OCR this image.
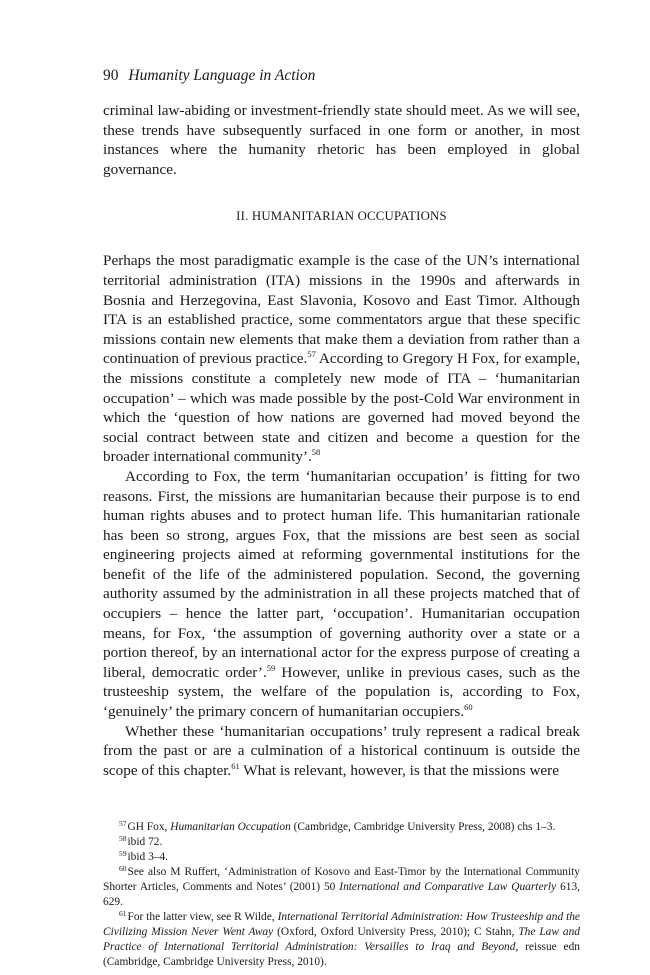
90 Humanity Language in Action

criminal law-abiding or investment-friendly state should meet. As we will see, these trends have subsequently surfaced in one form or another, in most instances where the humanity rhetoric has been employed in global governance.

II. HUMANITARIAN OCCUPATIONS

Perhaps the most paradigmatic example is the case of the UN’s international territorial administration (ITA) missions in the 1990s and afterwards in Bosnia and Herzegovina, East Slavonia, Kosovo and East Timor. Although ITA is an established practice, some commentators argue that these specific missions contain new elements that make them a deviation from rather than a continuation of previous practice.$^{57}$ According to Gregory H Fox, for example, the missions constitute a completely new mode of ITA – ‘humanitarian occupation’ – which was made possible by the post-Cold War environment in which the ‘question of how nations are governed had moved beyond the social contract between state and citizen and become a question for the broader international community’.$^{58}$

According to Fox, the term ‘humanitarian occupation’ is fitting for two reasons. First, the missions are humanitarian because their purpose is to end human rights abuses and to protect human life. This humanitarian rationale has been so strong, argues Fox, that the missions are best seen as social engineering projects aimed at reforming governmental institutions for the benefit of the life of the administered population. Second, the governing authority assumed by the administration in all these projects matched that of occupiers – hence the latter part, ‘occupation’. Humanitarian occupation means, for Fox, ‘the assumption of governing authority over a state or a portion thereof, by an international actor for the express purpose of creating a liberal, democratic order’.$^{59}$ However, unlike in previous cases, such as the trusteeship system, the welfare of the population is, according to Fox, ‘genuinely’ the primary concern of humanitarian occupiers.$^{60}$

Whether these ‘humanitarian occupations’ truly represent a radical break from the past or are a culmination of a historical continuum is outside the scope of this chapter.$^{61}$ What is relevant, however, is that the missions were

$^{57}$GH Fox, Humanitarian Occupation (Cambridge, Cambridge University Press, 2008) chs 1–3.

$^{58}$ibid 72.

$^{59}$ibid 3–4.

$^{60}$See also M Ruffert, ‘Administration of Kosovo and East-Timor by the International Community Shorter Articles, Comments and Notes’ (2001) 50 International and Comparative Law Quarterly 613, 629.

$^{61}$For the latter view, see R Wilde, International Territorial Administration: How Trusteeship and the Civilizing Mission Never Went Away (Oxford, Oxford University Press, 2010); C Stahn, The Law and Practice of International Territorial Administration: Versailles to Iraq and Beyond, reissue edn (Cambridge, Cambridge University Press, 2010).
